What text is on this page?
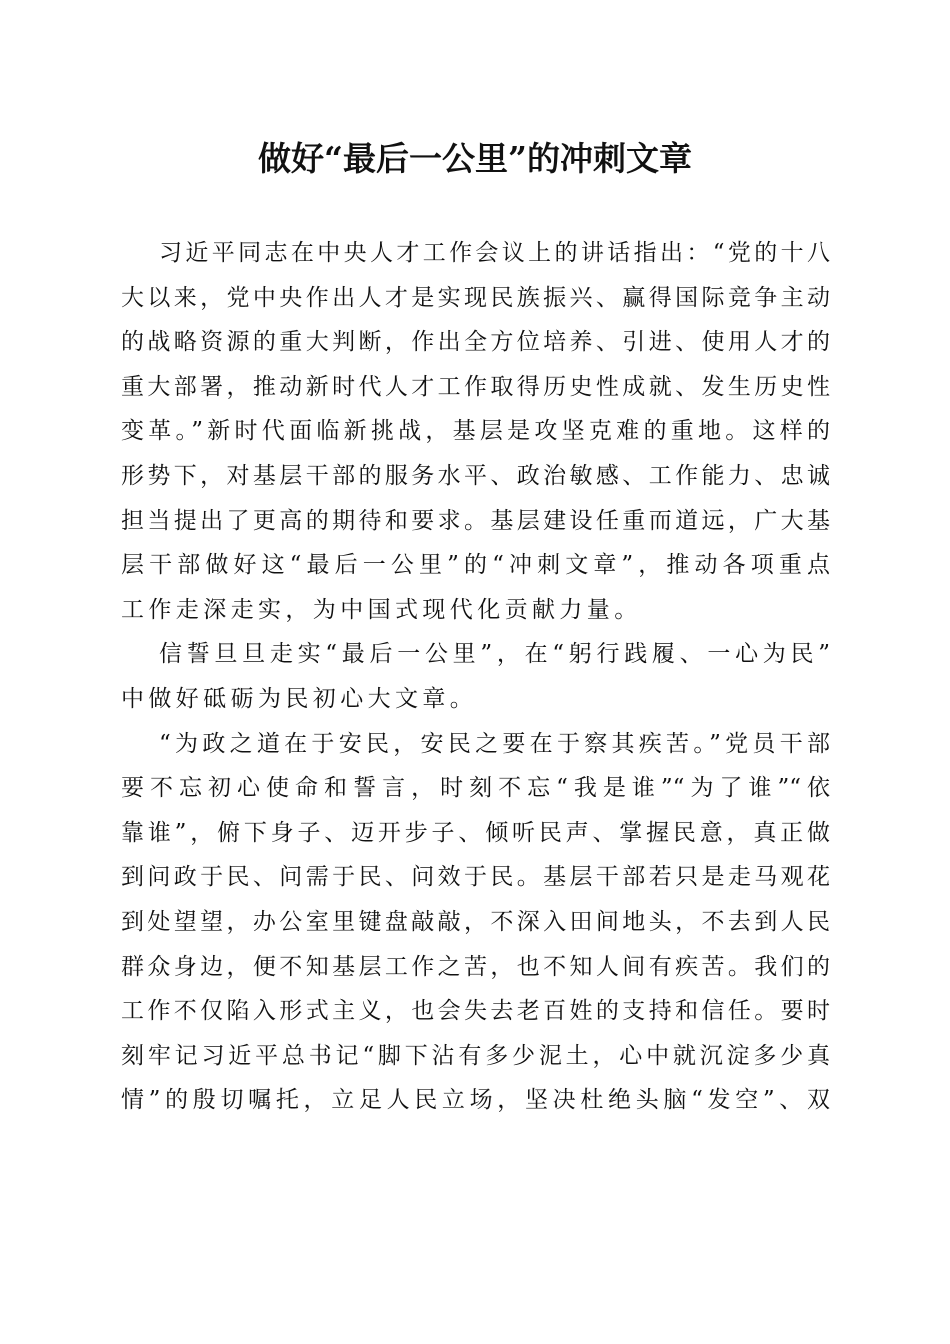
做好“最后一公里”的冲刺文章
习近平同志在中央人才工作会议上的讲话指出：“党的十八
大以来，党中央作出人才是实现民族振兴、赢得国际竞争主动
的战略资源的重大判断，作出全方位培养、引进、使用人才的
重大部署，推动新时代人才工作取得历史性成就、发生历史性
变革。”新时代面临新挑战，基层是攻坚克难的重地。这样的
形势下，对基层干部的服务水平、政治敏感、工作能力、忠诚
担当提出了更高的期待和要求。基层建设任重而道远，广大基
层干部做好这“最后一公里”的“冲刺文章”，推动各项重点
工作走深走实，为中国式现代化贡献力量。
信誓旦旦走实“最后一公里”，在“躬行践履、一心为民”
中做好砥砺为民初心大文章。
“为政之道在于安民，安民之要在于察其疾苦。”党员干部
要不忘初心使命和誓言，时刻不忘“我是谁”“为了谁”“依
靠谁”，俯下身子、迈开步子、倾听民声、掌握民意，真正做
到问政于民、问需于民、问效于民。基层干部若只是走马观花
到处望望，办公室里键盘敲敲，不深入田间地头，不去到人民
群众身边，便不知基层工作之苦，也不知人间有疾苦。我们的
工作不仅陷入形式主义，也会失去老百姓的支持和信任。要时
刻牢记习近平总书记“脚下沾有多少泥土，心中就沉淀多少真
情”的殷切嘱托，立足人民立场，坚决杜绝头脑“发空”、双
